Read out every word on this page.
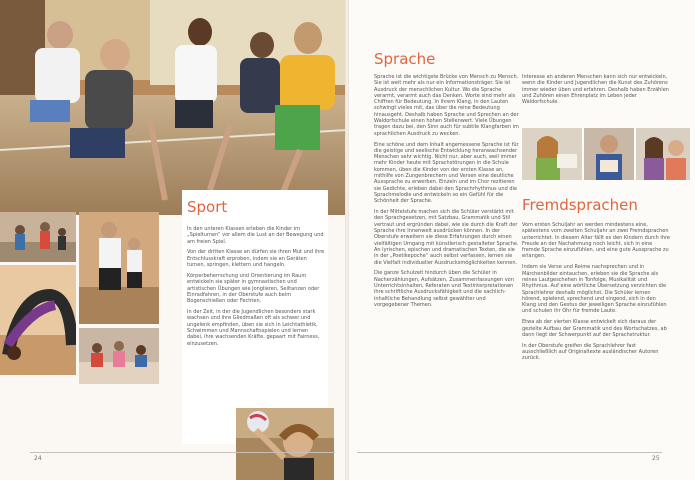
Sport

In den unteren Klassen erleben die Kinder im „Spielturnen“ vor allem die Lust an der Bewegung und am freien Spiel.

Von der dritten Klasse an dürfen sie ihren Mut und ihre Entschlusskraft erproben, indem sie an Geräten turnen, springen, klettern und hangeln.

Körperbeherrschung und Orientierung im Raum entwickeln sie später in gymnastischen und artistischen Übungen wie Jonglieren, Seiltanzen oder Einradfahren, in der Oberstufe auch beim Bogenschießen oder Fechten.

In der Zeit, in der die Jugendlichen besonders stark wachsen und ihre Gliedmaßen oft als schwer und ungelenk empfinden, üben sie sich in Leichtathletik, Schwimmen und Mannschaftsspielen und lernen dabei, ihre wachsenden Kräfte, gepaart mit Fairness, einzusetzen.

24
Sprache

Sprache ist die wichtigste Brücke von Mensch zu Mensch. Sie ist weit mehr als nur ein Informationsträger. Sie ist Ausdruck der menschlichen Kultur. Wo die Sprache verarmt, verarmt auch das Denken. Worte sind mehr als Chiffren für Bedeutung. In ihrem Klang, in den Lauten schwingt vieles mit, das über die reine Bedeutung hinausgeht. Deshalb haben Sprache und Sprechen an der Waldorfschule einen hohen Stellenwert. Viele Übungen tragen dazu bei, den Sinn auch für subtile Klangfarben im sprachlichen Ausdruck zu wecken.

Eine schöne und dem Inhalt angemessene Sprache ist für die geistige und seelische Entwicklung heranwachsender Menschen sehr wichtig. Nicht nur, aber auch, weil immer mehr Kinder heute mit Sprachstörungen in die Schule kommen, üben die Kinder von der ersten Klasse an, mithilfe von Zungenbrechern und Versen eine deutliche Aussprache zu erwerben. Einzeln und im Chor rezitieren sie Gedichte, erleben dabei den Sprachrhythmus und die Sprachmelodie und entwickeln so ein Gefühl für die Schönheit der Sprache.

In der Mittelstufe machen sich die Schüler verstärkt mit den Sprachgesetzen, mit Satzbau, Grammatik und Stil vertraut und ergründen dabei, wie sie durch die Kraft der Sprache ihre Innenwelt ausdrücken können. In der Oberstufe erweitern sie diese Erfahrungen durch einen vielfältigen Umgang mit künstlerisch gestalteter Sprache. An lyrischen, epischen und dramatischen Texten, die sie in der „Poetikepoche“ auch selbst verfassen, lernen sie die Vielfalt individueller Ausdrucksmöglichkeiten kennen.

Die ganze Schulzeit hindurch üben die Schüler in Nacherzählungen, Aufsätzen, Zusammenfassungen von Unterrichtsinhalten, Referaten und Textinterpretationen ihre schriftliche Ausdrucksfähigkeit und die sachlich-inhaltliche Behandlung selbst gewählter und vorgegebener Themen.

Interesse an anderen Menschen kann sich nur entwickeln, wenn die Kinder und Jugendlichen die Kunst des Zuhörens immer wieder üben und erfahren. Deshalb haben Erzählen und Zuhören einen Ehrenplatz im Leben jeder Waldorfschule.

Fremdsprachen

Vom ersten Schuljahr an werden mindestens eine, spätestens vom zweiten Schuljahr an zwei Fremdsprachen unterrichtet. In diesem Alter fällt es den Kindern durch ihre Freude an der Nachahmung noch leicht, sich in eine fremde Sprache einzufühlen, und eine gute Aussprache zu erlangen.

Indem sie Verse und Reime nachsprechen und in Märchenbilder eintauchen, erleben sie die Sprache als reines Lautgeschehen in Tonfolge, Musikalität und Rhythmus. Auf eine wörtliche Übersetzung verzichten die Sprachlehrer deshalb möglichst. Die Schüler lernen hörend, spielend, sprechend und singend, sich in den Klang und den Gestus der jeweiligen Sprache einzufühlen und schulen ihr Ohr für fremde Laute.

Etwa ab der vierten Klasse entwickelt sich daraus der gezielte Aufbau der Grammatik und des Wortschatzes, ab dann liegt der Schwerpunkt auf der Sprachstruktur.

In der Oberstufe greifen die Sprachlehrer fast ausschließlich auf Originaltexte ausländischer Autoren zurück.

25
